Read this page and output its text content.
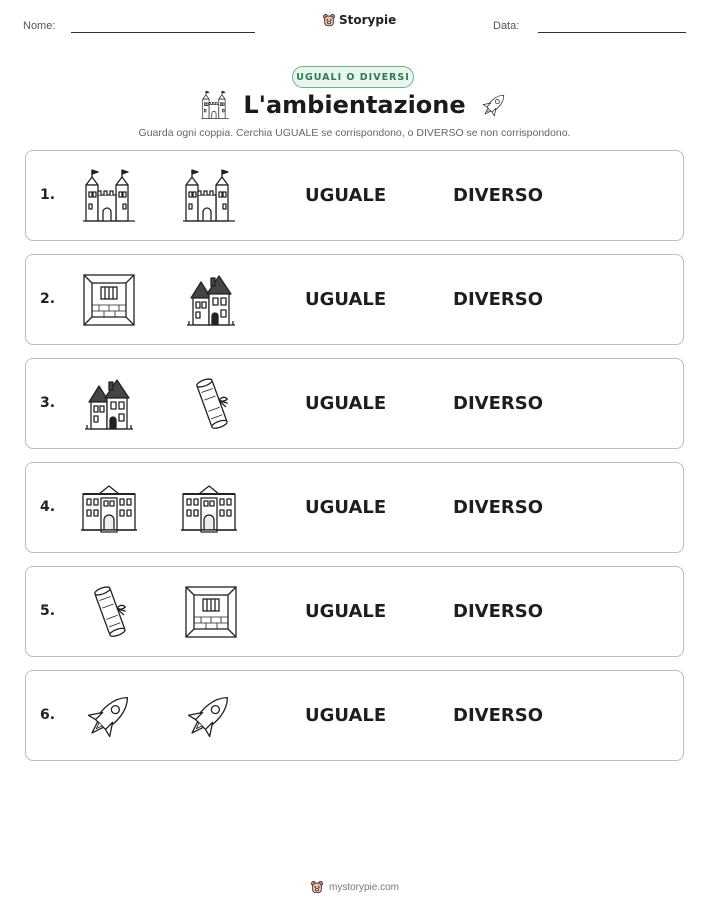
Nome:	Storypie	Data:
UGUALI O DIVERSI
L'ambientazione
Guarda ogni coppia. Cerchia UGUALE se corrispondono, o DIVERSO se non corrispondono.
1.	UGUALE	DIVERSO
2.	UGUALE	DIVERSO
3.	UGUALE	DIVERSO
4.	UGUALE	DIVERSO
5.	UGUALE	DIVERSO
6.	UGUALE	DIVERSO
mystorypie.com
